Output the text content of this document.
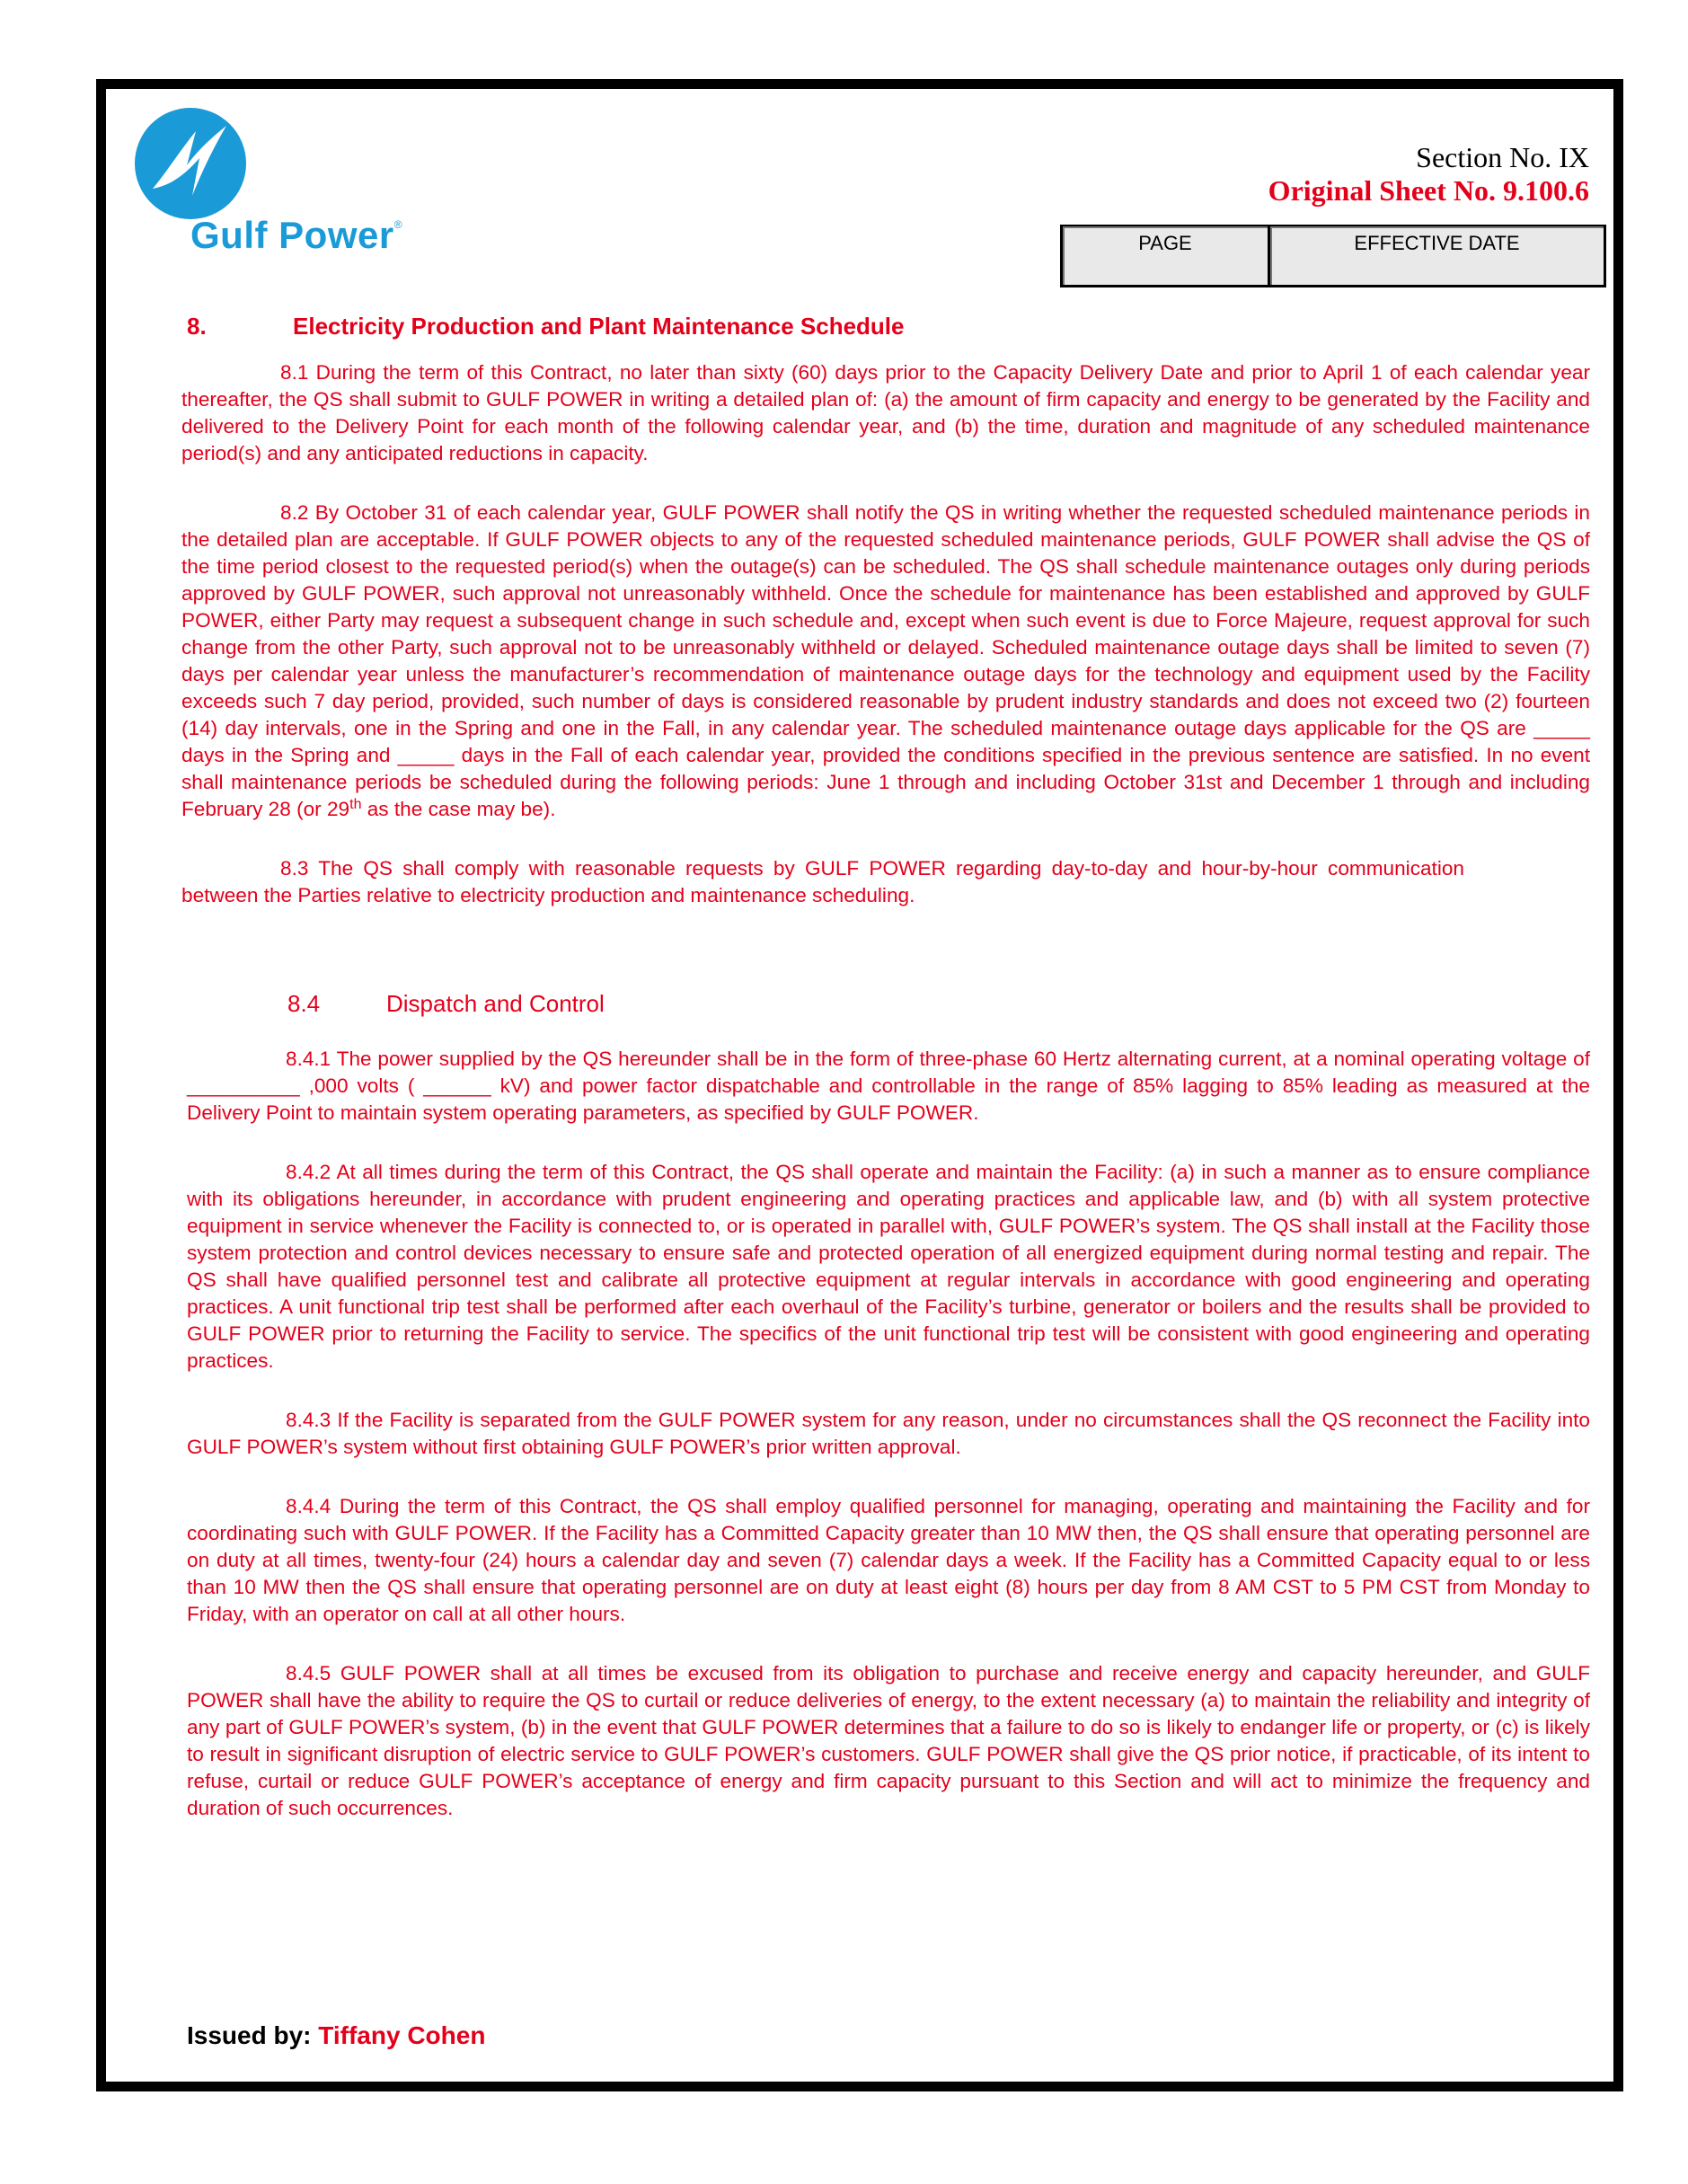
Gulf Power®
Section No. IX
Original Sheet No. 9.100.6
PAGE	EFFECTIVE DATE
8.	Electricity Production and Plant Maintenance Schedule

8.1 During the term of this Contract, no later than sixty (60) days prior to the Capacity Delivery Date and prior to April 1 of each calendar year thereafter, the QS shall submit to GULF POWER in writing a detailed plan of: (a) the amount of firm capacity and energy to be generated by the Facility and delivered to the Delivery Point for each month of the following calendar year, and (b) the time, duration and magnitude of any scheduled maintenance period(s) and any anticipated reductions in capacity.

8.2 By October 31 of each calendar year, GULF POWER shall notify the QS in writing whether the requested scheduled maintenance periods in the detailed plan are acceptable. If GULF POWER objects to any of the requested scheduled maintenance periods, GULF POWER shall advise the QS of the time period closest to the requested period(s) when the outage(s) can be scheduled. The QS shall schedule maintenance outages only during periods approved by GULF POWER, such approval not unreasonably withheld. Once the schedule for maintenance has been established and approved by GULF POWER, either Party may request a subsequent change in such schedule and, except when such event is due to Force Majeure, request approval for such change from the other Party, such approval not to be unreasonably withheld or delayed. Scheduled maintenance outage days shall be limited to seven (7) days per calendar year unless the manufacturer’s recommendation of maintenance outage days for the technology and equipment used by the Facility exceeds such 7 day period, provided, such number of days is considered reasonable by prudent industry standards and does not exceed two (2) fourteen (14) day intervals, one in the Spring and one in the Fall, in any calendar year. The scheduled maintenance outage days applicable for the QS are _____ days in the Spring and _____ days in the Fall of each calendar year, provided the conditions specified in the previous sentence are satisfied. In no event shall maintenance periods be scheduled during the following periods: June 1 through and including October 31st and December 1 through and including February 28 (or 29th as the case may be).

8.3 The QS shall comply with reasonable requests by GULF POWER regarding day-to-day and hour-by-hour communication between the Parties relative to electricity production and maintenance scheduling.

8.4	Dispatch and Control

8.4.1 The power supplied by the QS hereunder shall be in the form of three-phase 60 Hertz alternating current, at a nominal operating voltage of __________ ,000 volts ( ______ kV) and power factor dispatchable and controllable in the range of 85% lagging to 85% leading as measured at the Delivery Point to maintain system operating parameters, as specified by GULF POWER.

8.4.2 At all times during the term of this Contract, the QS shall operate and maintain the Facility: (a) in such a manner as to ensure compliance with its obligations hereunder, in accordance with prudent engineering and operating practices and applicable law, and (b) with all system protective equipment in service whenever the Facility is connected to, or is operated in parallel with, GULF POWER’s system. The QS shall install at the Facility those system protection and control devices necessary to ensure safe and protected operation of all energized equipment during normal testing and repair. The QS shall have qualified personnel test and calibrate all protective equipment at regular intervals in accordance with good engineering and operating practices. A unit functional trip test shall be performed after each overhaul of the Facility’s turbine, generator or boilers and the results shall be provided to GULF POWER prior to returning the Facility to service. The specifics of the unit functional trip test will be consistent with good engineering and operating practices.

8.4.3 If the Facility is separated from the GULF POWER system for any reason, under no circumstances shall the QS reconnect the Facility into GULF POWER’s system without first obtaining GULF POWER’s prior written approval.

8.4.4 During the term of this Contract, the QS shall employ qualified personnel for managing, operating and maintaining the Facility and for coordinating such with GULF POWER. If the Facility has a Committed Capacity greater than 10 MW then, the QS shall ensure that operating personnel are on duty at all times, twenty-four (24) hours a calendar day and seven (7) calendar days a week. If the Facility has a Committed Capacity equal to or less than 10 MW then the QS shall ensure that operating personnel are on duty at least eight (8) hours per day from 8 AM CST to 5 PM CST from Monday to Friday, with an operator on call at all other hours.

8.4.5 GULF POWER shall at all times be excused from its obligation to purchase and receive energy and capacity hereunder, and GULF POWER shall have the ability to require the QS to curtail or reduce deliveries of energy, to the extent necessary (a) to maintain the reliability and integrity of any part of GULF POWER’s system, (b) in the event that GULF POWER determines that a failure to do so is likely to endanger life or property, or (c) is likely to result in significant disruption of electric service to GULF POWER’s customers. GULF POWER shall give the QS prior notice, if practicable, of its intent to refuse, curtail or reduce GULF POWER’s acceptance of energy and firm capacity pursuant to this Section and will act to minimize the frequency and duration of such occurrences.

Issued by: Tiffany Cohen
